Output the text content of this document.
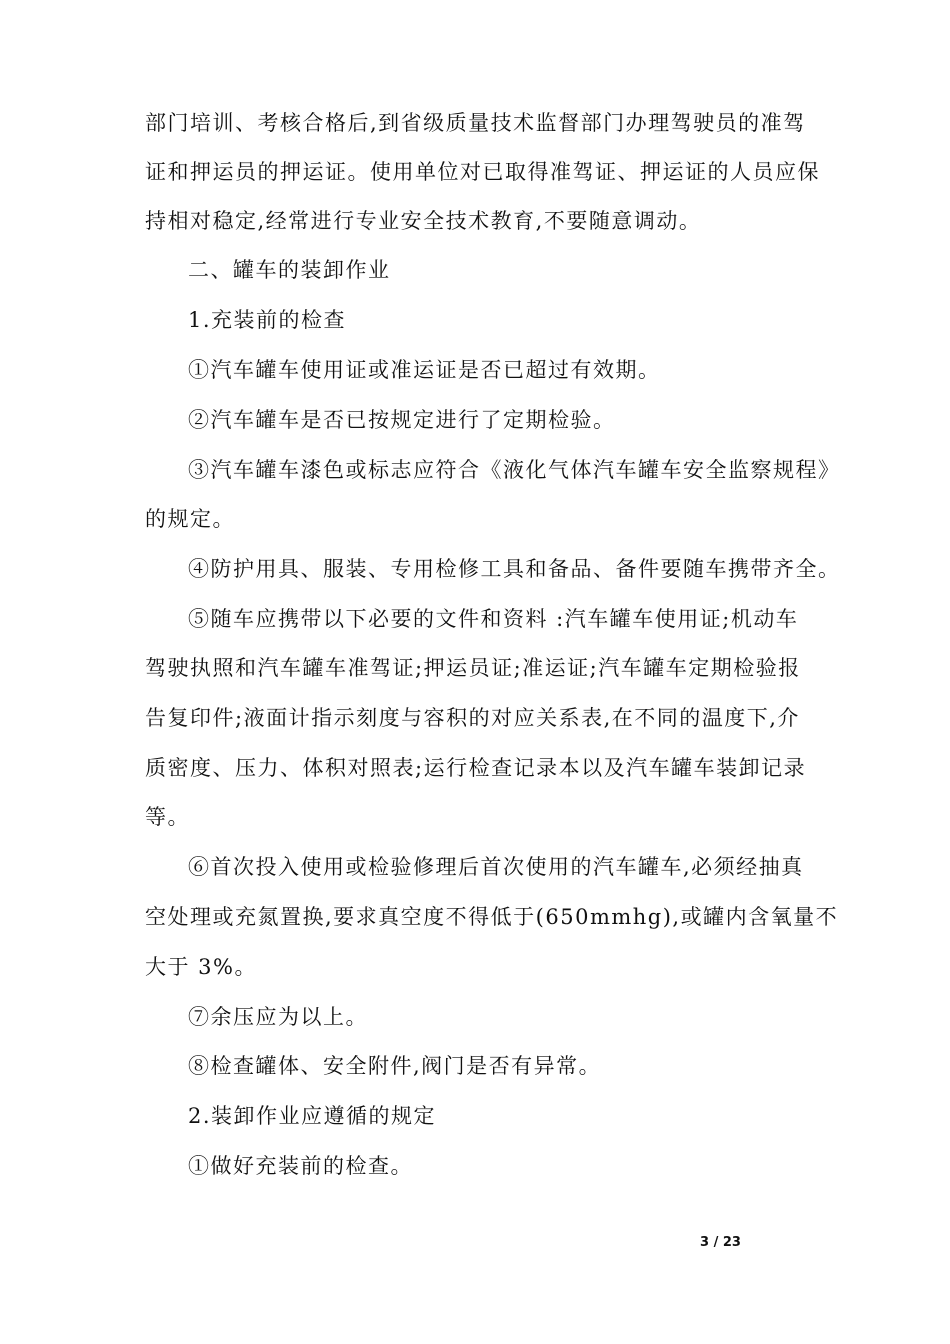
部门培训、考核合格后,到省级质量技术监督部门办理驾驶员的准驾
证和押运员的押运证。使用单位对已取得准驾证、押运证的人员应保
持相对稳定,经常进行专业安全技术教育,不要随意调动。
二、罐车的装卸作业
1.充装前的检查
①汽车罐车使用证或准运证是否已超过有效期。
②汽车罐车是否已按规定进行了定期检验。
③汽车罐车漆色或标志应符合《液化气体汽车罐车安全监察规程》
的规定。
④防护用具、服装、专用检修工具和备品、备件要随车携带齐全。
⑤随车应携带以下必要的文件和资料 :汽车罐车使用证;机动车
驾驶执照和汽车罐车准驾证;押运员证;准运证;汽车罐车定期检验报
告复印件;液面计指示刻度与容积的对应关系表,在不同的温度下,介
质密度、压力、体积对照表;运行检查记录本以及汽车罐车装卸记录
等。
⑥首次投入使用或检验修理后首次使用的汽车罐车,必须经抽真
空处理或充氮置换,要求真空度不得低于(650mmhg),或罐内含氧量不
大于 3%。
⑦余压应为以上。
⑧检查罐体、安全附件,阀门是否有异常。
2.装卸作业应遵循的规定
①做好充装前的检查。
3 / 23
